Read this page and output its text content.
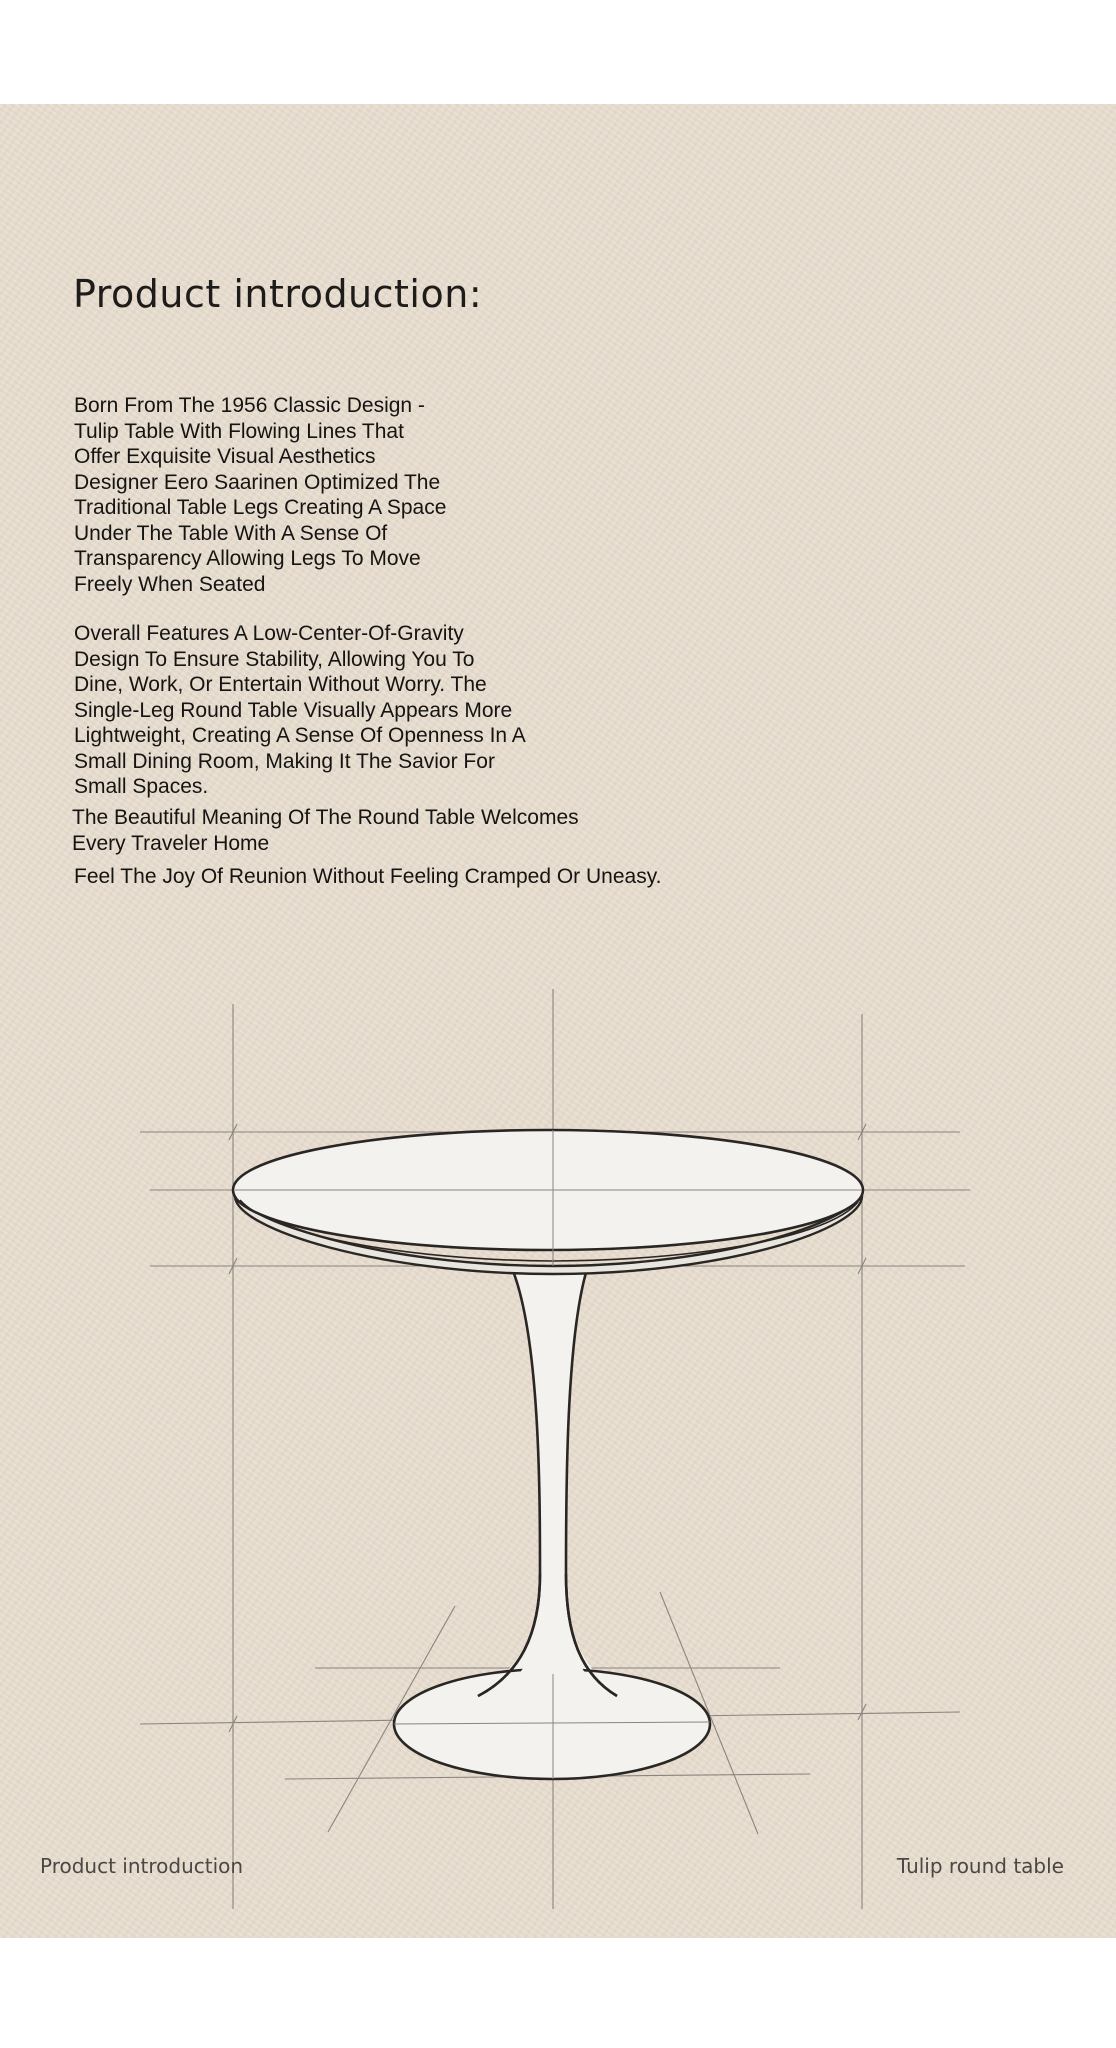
Product introduction:

Born From The 1956 Classic Design -
Tulip Table With Flowing Lines That
Offer Exquisite Visual Aesthetics
Designer Eero Saarinen Optimized The
Traditional Table Legs Creating A Space
Under The Table With A Sense Of
Transparency Allowing Legs To Move
Freely When Seated

Overall Features A Low-Center-Of-Gravity
Design To Ensure Stability, Allowing You To
Dine, Work, Or Entertain Without Worry. The
Single-Leg Round Table Visually Appears More
Lightweight, Creating A Sense Of Openness In A
Small Dining Room, Making It The Savior For
Small Spaces.

The Beautiful Meaning Of The Round Table Welcomes
Every Traveler Home

Feel The Joy Of Reunion Without Feeling Cramped Or Uneasy.

Product introduction	Tulip round table
